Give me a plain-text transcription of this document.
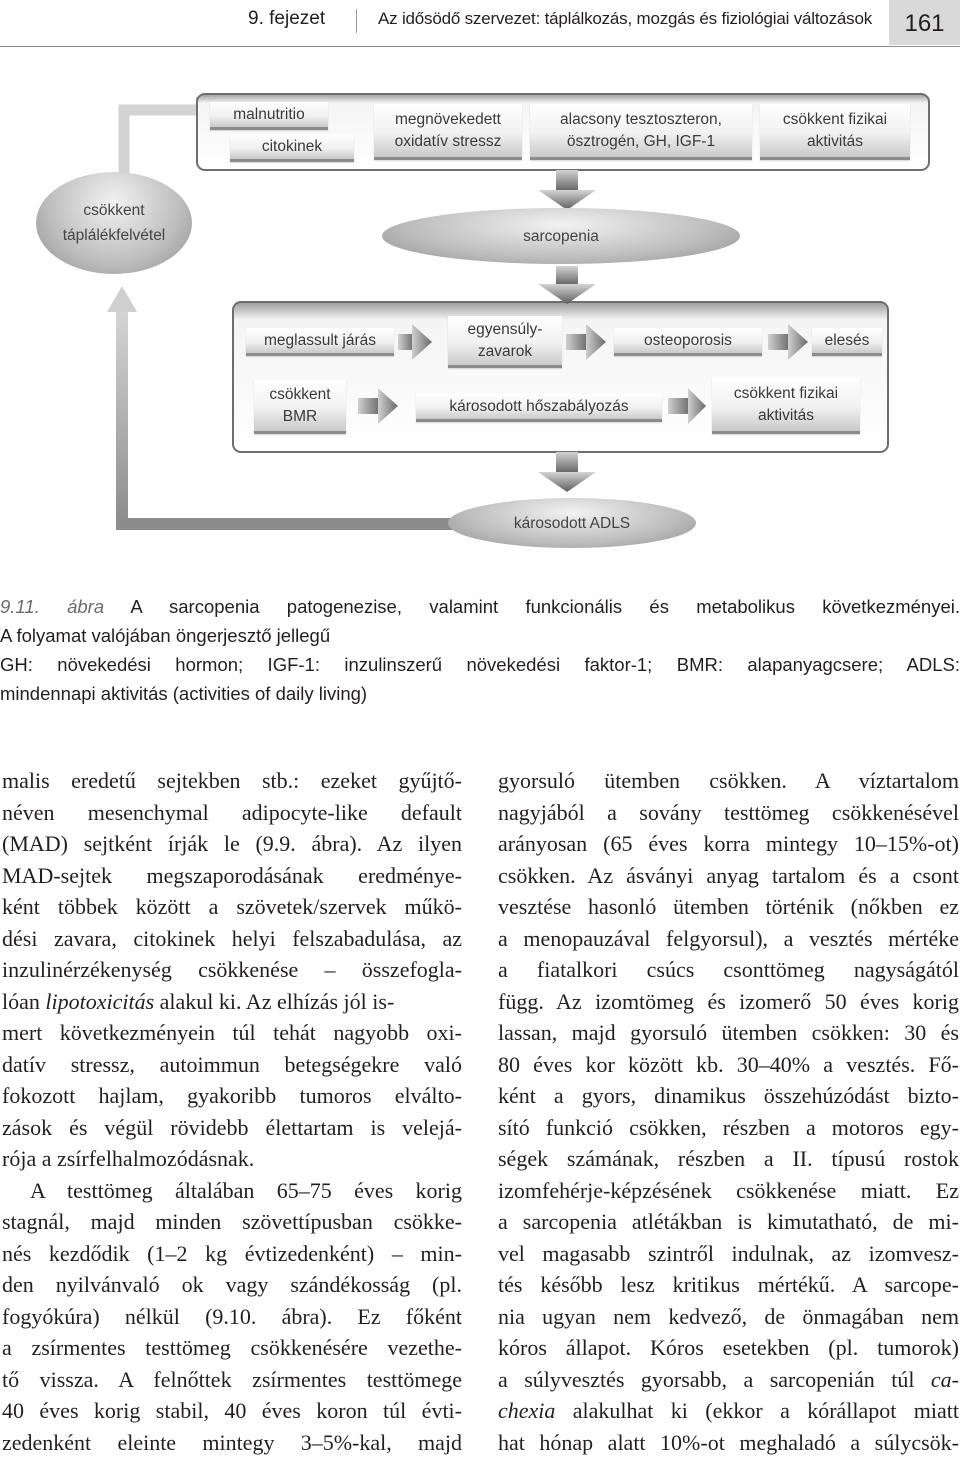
9. fejezet	Az idősödő szervezet: táplálkozás, mozgás és fiziológiai változások	161
malnutritio
citokinek
megnövekedett
oxidatív stressz
alacsony tesztoszteron,
ösztrogén, GH, IGF-1
csökkent fizikai
aktivitás
csökkent
táplálékfelvétel	sarcopenia
meglassult járás
egyensúly-
zavarok
osteoporosis	elesés
csökkent
BMR
károsodott hőszabályozás
csökkent fizikai
aktivitás
károsodott ADLS
9.11. ábra A sarcopenia patogenezise, valamint funkcionális és metabolikus következményei.
A folyamat valójában öngerjesztő jellegű
GH: növekedési hormon; IGF-1: inzulinszerű növekedési faktor-1; BMR: alapanyagcsere; ADLS:
mindennapi aktivitás (activities of daily living)
malis eredetű sejtekben stb.: ezeket gyűjtő-
néven mesenchymal adipocyte-like default
(MAD) sejtként írják le (9.9. ábra). Az ilyen
MAD-sejtek megszaporodásának eredménye-
ként többek között a szövetek/szervek műkö-
dési zavara, citokinek helyi felszabadulása, az
inzulinérzékenység csökkenése – összefogla-
lóan lipotoxicitás alakul ki. Az elhízás jól is-
mert következményein túl tehát nagyobb oxi-
datív stressz, autoimmun betegségekre való
fokozott hajlam, gyakoribb tumoros elválto-
zások és végül rövidebb élettartam is velejá-
rója a zsírfelhalmozódásnak.
A testtömeg általában 65–75 éves korig
stagnál, majd minden szövettípusban csökke-
nés kezdődik (1–2 kg évtizedenként) – min-
den nyilvánvaló ok vagy szándékosság (pl.
fogyókúra) nélkül (9.10. ábra). Ez főként
a zsírmentes testtömeg csökkenésére vezethe-
tő vissza. A felnőttek zsírmentes testtömege
40 éves korig stabil, 40 éves koron túl évti-
zedenként eleinte mintegy 3–5%-kal, majd
gyorsuló ütemben csökken. A víztartalom
nagyjából a sovány testtömeg csökkenésével
arányosan (65 éves korra mintegy 10–15%-ot)
csökken. Az ásványi anyag tartalom és a csont
vesztése hasonló ütemben történik (nőkben ez
a menopauzával felgyorsul), a vesztés mértéke
a fiatalkori csúcs csonttömeg nagyságától
függ. Az izomtömeg és izomerő 50 éves korig
lassan, majd gyorsuló ütemben csökken: 30 és
80 éves kor között kb. 30–40% a vesztés. Fő-
ként a gyors, dinamikus összehúzódást bizto-
sító funkció csökken, részben a motoros egy-
ségek számának, részben a II. típusú rostok
izomfehérje-képzésének csökkenése miatt. Ez
a sarcopenia atlétákban is kimutatható, de mi-
vel magasabb szintről indulnak, az izomvesz-
tés később lesz kritikus mértékű. A sarcope-
nia ugyan nem kedvező, de önmagában nem
kóros állapot. Kóros esetekben (pl. tumorok)
a súlyvesztés gyorsabb, a sarcopenián túl ca-
chexia alakulhat ki (ekkor a kórállapot miatt
hat hónap alatt 10%-ot meghaladó a súlycsök-
